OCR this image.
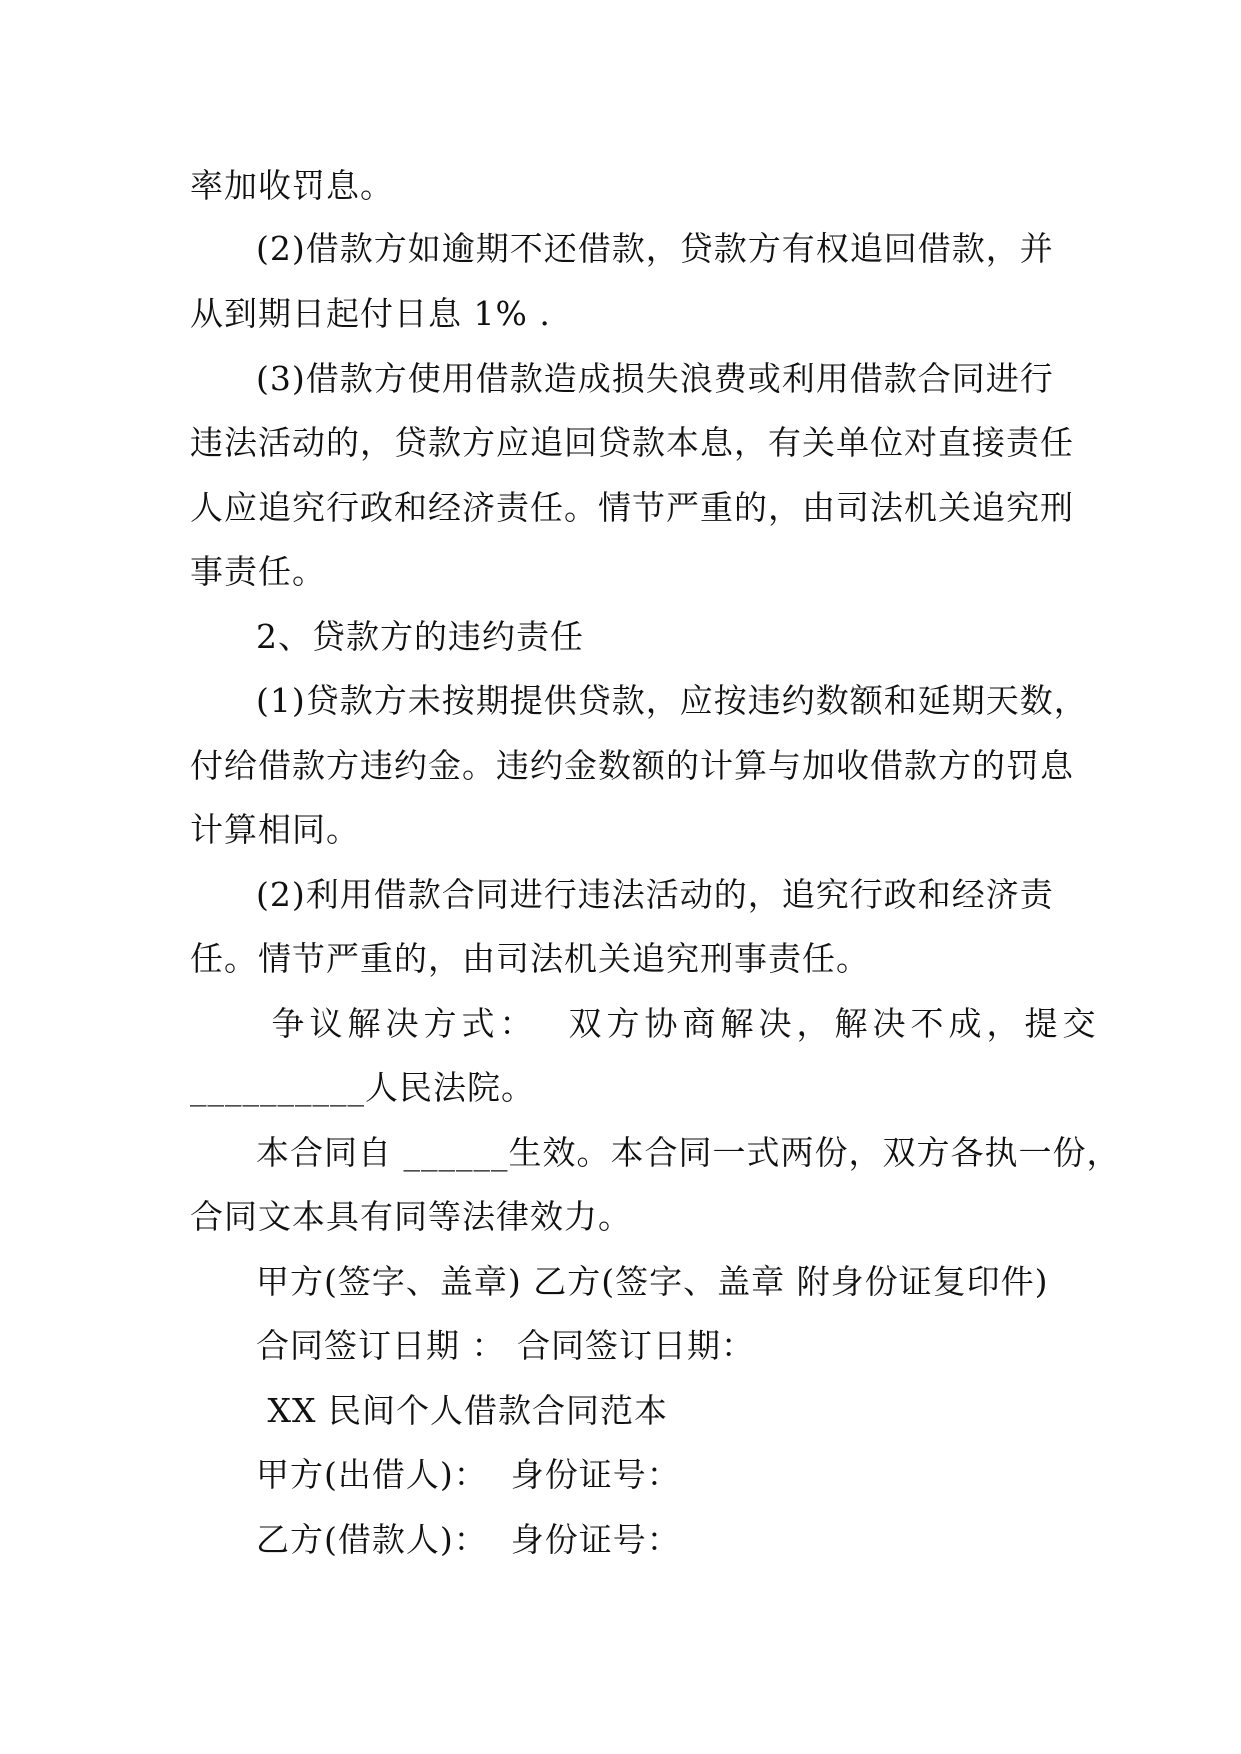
率加收罚息。
(2)借款方如逾期不还借款，贷款方有权追回借款，并
从到期日起付日息 1% .
(3)借款方使用借款造成损失浪费或利用借款合同进行
违法活动的，贷款方应追回贷款本息，有关单位对直接责任
人应追究行政和经济责任。情节严重的，由司法机关追究刑
事责任。
2、贷款方的违约责任
(1)贷款方未按期提供贷款，应按违约数额和延期天数，
付给借款方违约金。违约金数额的计算与加收借款方的罚息
计算相同。
(2)利用借款合同进行违法活动的，追究行政和经济责
任。情节严重的，由司法机关追究刑事责任。
争议解决方式：  双方协商解决，解决不成，提交
__________人民法院。
本合同自 ______生效。本合同一式两份，双方各执一份，
合同文本具有同等法律效力。
甲方(签字、盖章) 乙方(签字、盖章 附身份证复印件)
合同签订日期 ： 合同签订日期：
XX 民间个人借款合同范本
甲方(出借人)：  身份证号：
乙方(借款人)：  身份证号：
